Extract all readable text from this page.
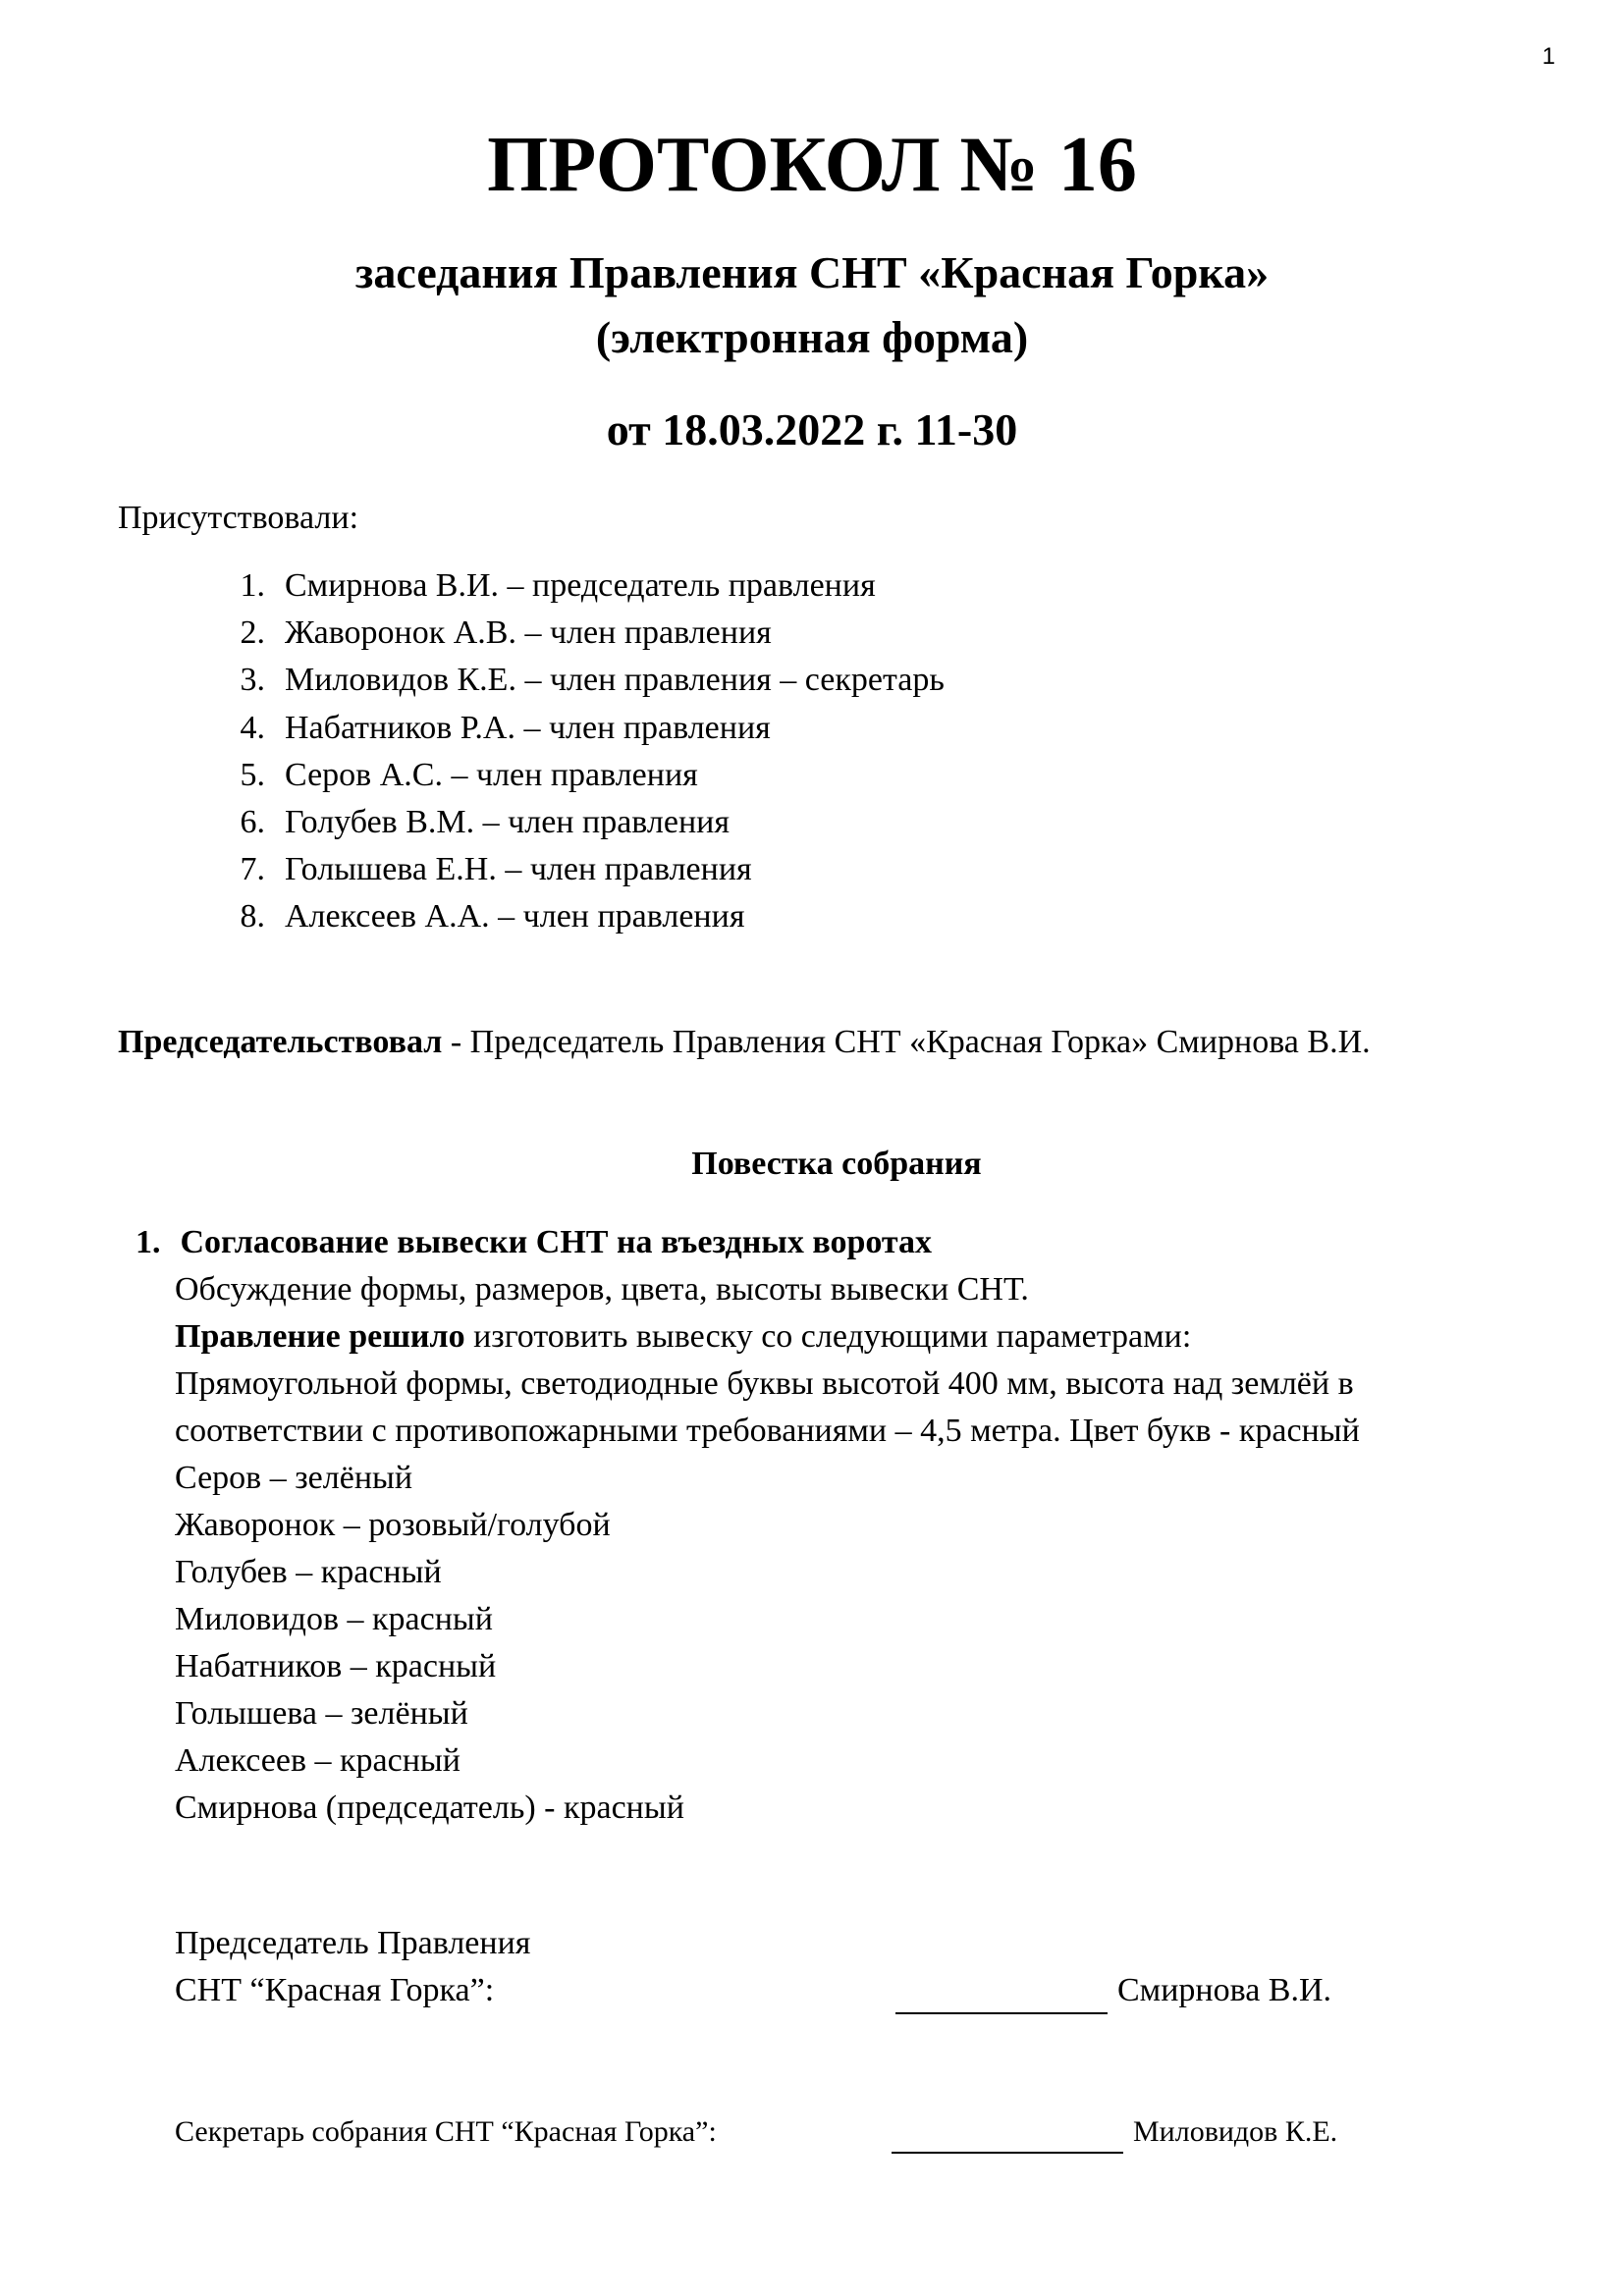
1
ПРОТОКОЛ № 16
заседания Правления СНТ «Красная Горка»
(электронная форма)
от 18.03.2022 г. 11-30
Присутствовали:
1. Смирнова В.И. – председатель правления
2. Жаворонок А.В. – член правления
3. Миловидов К.Е. – член правления – секретарь
4. Набатников Р.А. – член правления
5. Серов А.С. – член правления
6. Голубев В.М. – член правления
7. Голышева Е.Н. – член правления
8. Алексеев А.А. – член правления
Председательствовал - Председатель Правления СНТ «Красная Горка» Смирнова В.И.
Повестка собрания
1. Согласование вывески СНТ на въездных воротах
Обсуждение формы, размеров, цвета, высоты вывески СНТ.
Правление решило изготовить вывеску со следующими параметрами:
Прямоугольной формы, светодиодные буквы высотой 400 мм, высота над землёй в
соответствии с противопожарными требованиями – 4,5 метра. Цвет букв - красный
Серов – зелёный
Жаворонок – розовый/голубой
Голубев – красный
Миловидов – красный
Набатников – красный
Голышева – зелёный
Алексеев – красный
Смирнова (председатель) - красный
Председатель Правления
СНТ “Красная Горка”:	Смирнова В.И.
Секретарь собрания СНТ “Красная Горка”:	Миловидов К.Е.
